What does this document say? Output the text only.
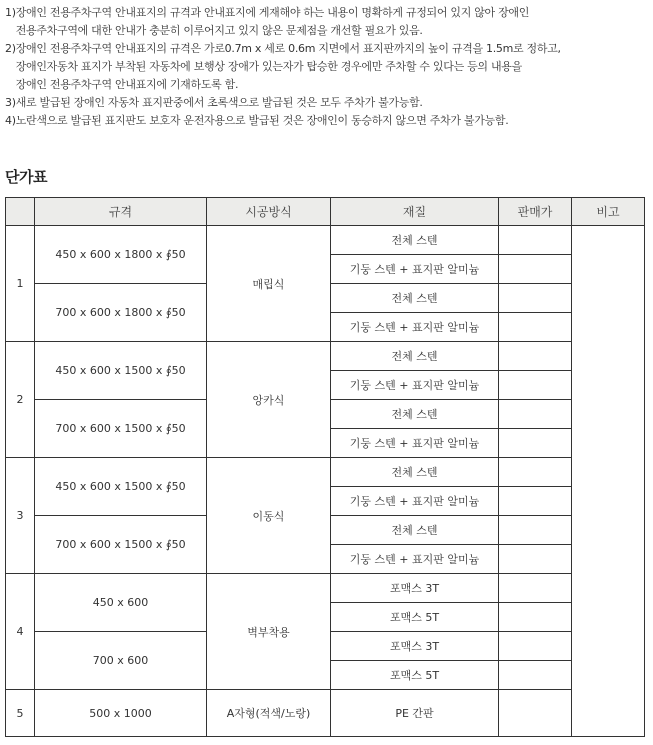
1) 장애인 전용주차구역 안내표지의 규격과 안내표지에 게재해야 하는 내용이 명확하게 규정되어 있지 않아 장애인
전용주차구역에 대한 안내가 충분히 이루어지고 있지 않은 문제점을 개선할 필요가 있음.
2) 장애인 전용주차구역 안내표지의 규격은 가로0.7m x 세로 0.6m 지면에서 표지판까지의 높이 규격을 1.5m로 정하고,
장애인자동차 표지가 부착된 자동차에 보행상 장애가 있는자가 탑승한 경우에만 주차할 수 있다는 등의 내용을
장애인 전용주차구역 안내표지에 기재하도록 함.
3) 새로 발급된 장애인 자동차 표지판중에서 초록색으로 발급된 것은 모두 주차가 불가능함.
4) 노란색으로 발급된 표지판도 보호자 운전자용으로 발급된 것은 장애인이 동승하지 않으면 주차가 불가능함.
단가표
	규격	시공방식	재질	판매가	비고
1	450 x 600 x 1800 x ∮50	매립식	전체 스텐		
			기둥 스텐 + 표지판 알미늄		
	700 x 600 x 1800 x ∮50		전체 스텐		
			기둥 스텐 + 표지판 알미늄		
2	450 x 600 x 1500 x ∮50	앙카식	전체 스텐		
			기둥 스텐 + 표지판 알미늄		
	700 x 600 x 1500 x ∮50		전체 스텐		
			기둥 스텐 + 표지판 알미늄		
3	450 x 600 x 1500 x ∮50	이동식	전체 스텐		
			기둥 스텐 + 표지판 알미늄		
	700 x 600 x 1500 x ∮50		전체 스텐		
			기둥 스텐 + 표지판 알미늄		
4	450 x 600	벽부착용	포맥스 3T		
			포맥스 5T		
	700 x 600		포맥스 3T		
			포맥스 5T		
5	500 x 1000	A자형(적색/노랑)	PE 간판		
